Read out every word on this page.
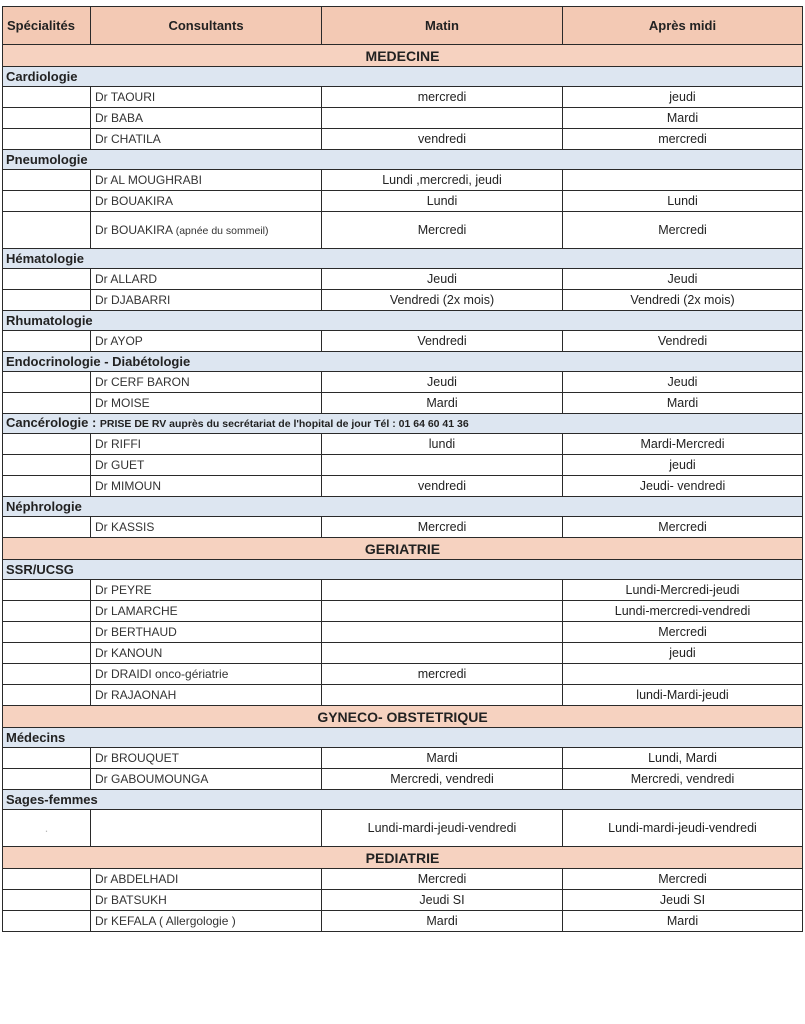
Spécialités	Consultants	Matin	Après midi
MEDECINE			
Cardiologie			
	Dr TAOURI	mercredi	jeudi
	Dr BABA		Mardi
	Dr CHATILA	vendredi	mercredi
Pneumologie			
	Dr AL MOUGHRABI	Lundi ,mercredi, jeudi	
	Dr BOUAKIRA	Lundi	Lundi
	Dr BOUAKIRA (apnée du sommeil)	Mercredi	Mercredi
Hématologie			
	Dr ALLARD	Jeudi	Jeudi
	Dr DJABARRI	Vendredi (2x mois)	Vendredi (2x mois)
Rhumatologie			
	Dr AYOP	Vendredi	Vendredi
Endocrinologie - Diabétologie			
	Dr CERF BARON	Jeudi	Jeudi
	Dr MOISE	Mardi	Mardi
Cancérologie : PRISE DE RV auprès du secrétariat de l'hopital de jour Tél : 01 64 60 41 36			
	Dr RIFFI	lundi	Mardi-Mercredi
	Dr GUET		jeudi
	Dr MIMOUN	vendredi	Jeudi- vendredi
Néphrologie			
	Dr KASSIS	Mercredi	Mercredi
GERIATRIE			
SSR/UCSG			
	Dr PEYRE		Lundi-Mercredi-jeudi
	Dr LAMARCHE		Lundi-mercredi-vendredi
	Dr BERTHAUD		Mercredi
	Dr KANOUN		jeudi
	Dr DRAIDI onco-gériatrie	mercredi	
	Dr RAJAONAH		lundi-Mardi-jeudi
GYNECO- OBSTETRIQUE			
Médecins			
	Dr BROUQUET	Mardi	Lundi, Mardi
	Dr GABOUMOUNGA	Mercredi, vendredi	Mercredi, vendredi
Sages-femmes			
.		Lundi-mardi-jeudi-vendredi	Lundi-mardi-jeudi-vendredi
PEDIATRIE			
	Dr ABDELHADI	Mercredi	Mercredi
	Dr BATSUKH	Jeudi SI	Jeudi SI
	Dr KEFALA ( Allergologie )	Mardi	Mardi
